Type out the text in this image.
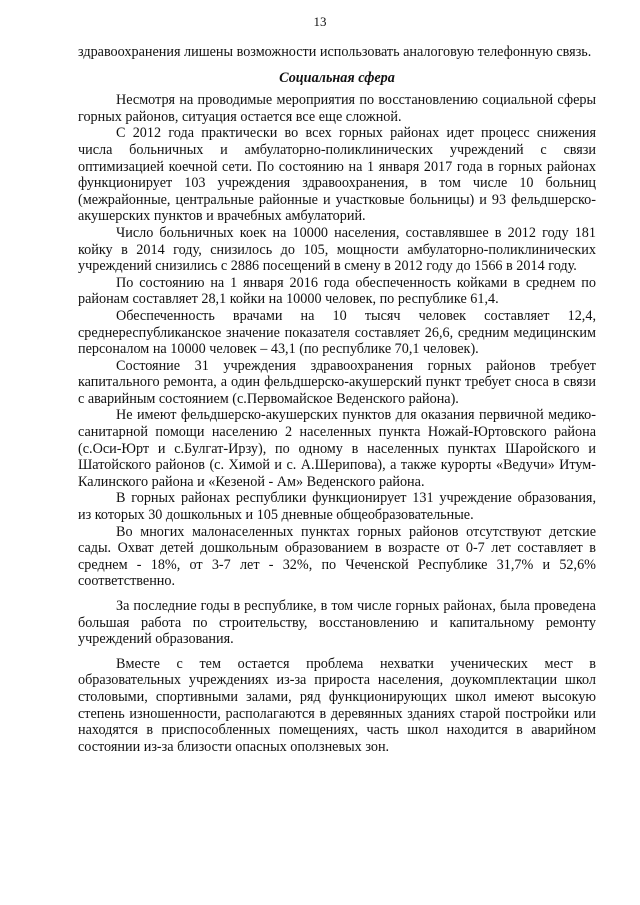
13

здравоохранения лишены возможности использовать аналоговую телефонную связь.

Социальная сфера

Несмотря на проводимые мероприятия по восстановлению социальной сферы горных районов, ситуация остается все еще сложной.

С 2012 года практически во всех горных районах идет процесс снижения числа больничных и амбулаторно-поликлинических учреждений с связи оптимизацией коечной сети. По состоянию на 1 января 2017 года в горных районах функционирует 103 учреждения здравоохранения, в том числе 10 больниц (межрайонные, центральные районные и участковые больницы) и 93 фельдшерско-акушерских пунктов и врачебных амбулаторий.

Число больничных коек на 10000 населения, составлявшее в 2012 году 181 койку в 2014 году, снизилось до 105, мощности амбулаторно-поликлинических учреждений снизились с 2886 посещений в смену в 2012 году до 1566 в 2014 году.

По состоянию на 1 января 2016 года обеспеченность койками в среднем по районам составляет 28,1 койки на 10000 человек, по республике 61,4.

Обеспеченность врачами на 10 тысяч человек составляет 12,4, среднереспубликанское значение показателя составляет 26,6, средним медицинским персоналом на 10000 человек – 43,1 (по республике 70,1 человек).

Состояние 31 учреждения здравоохранения горных районов требует капитального ремонта, а один фельдшерско-акушерский пункт требует сноса в связи с аварийным состоянием (с.Первомайское Веденского района).

Не имеют фельдшерско-акушерских пунктов для оказания первичной медико-санитарной помощи населению 2 населенных пункта Ножай-Юртовского района (с.Оси-Юрт и с.Булгат-Ирзу), по одному в населенных пунктах Шаройского и Шатойского районов (с. Химой и с. А.Шерипова), а также курорты «Ведучи» Итум-Калинского района и «Кезеной - Ам» Веденского района.

В горных районах республики функционирует 131 учреждение образования, из которых 30 дошкольных и 105 дневные общеобразовательные.

Во многих малонаселенных пунктах горных районов отсутствуют детские сады. Охват детей дошкольным образованием в возрасте от 0-7 лет составляет в среднем - 18%, от 3-7 лет - 32%, по Чеченской Республике 31,7% и 52,6% соответственно.

За последние годы в республике, в том числе горных районах, была проведена большая работа по строительству, восстановлению и капитальному ремонту учреждений образования.

Вместе с тем остается проблема нехватки ученических мест в образовательных учреждениях из-за прироста населения, доукомплектации школ столовыми, спортивными залами, ряд функционирующих школ имеют высокую степень изношенности, располагаются в деревянных зданиях старой постройки или находятся в приспособленных помещениях, часть школ находится в аварийном состоянии из-за близости опасных оползневых зон.
